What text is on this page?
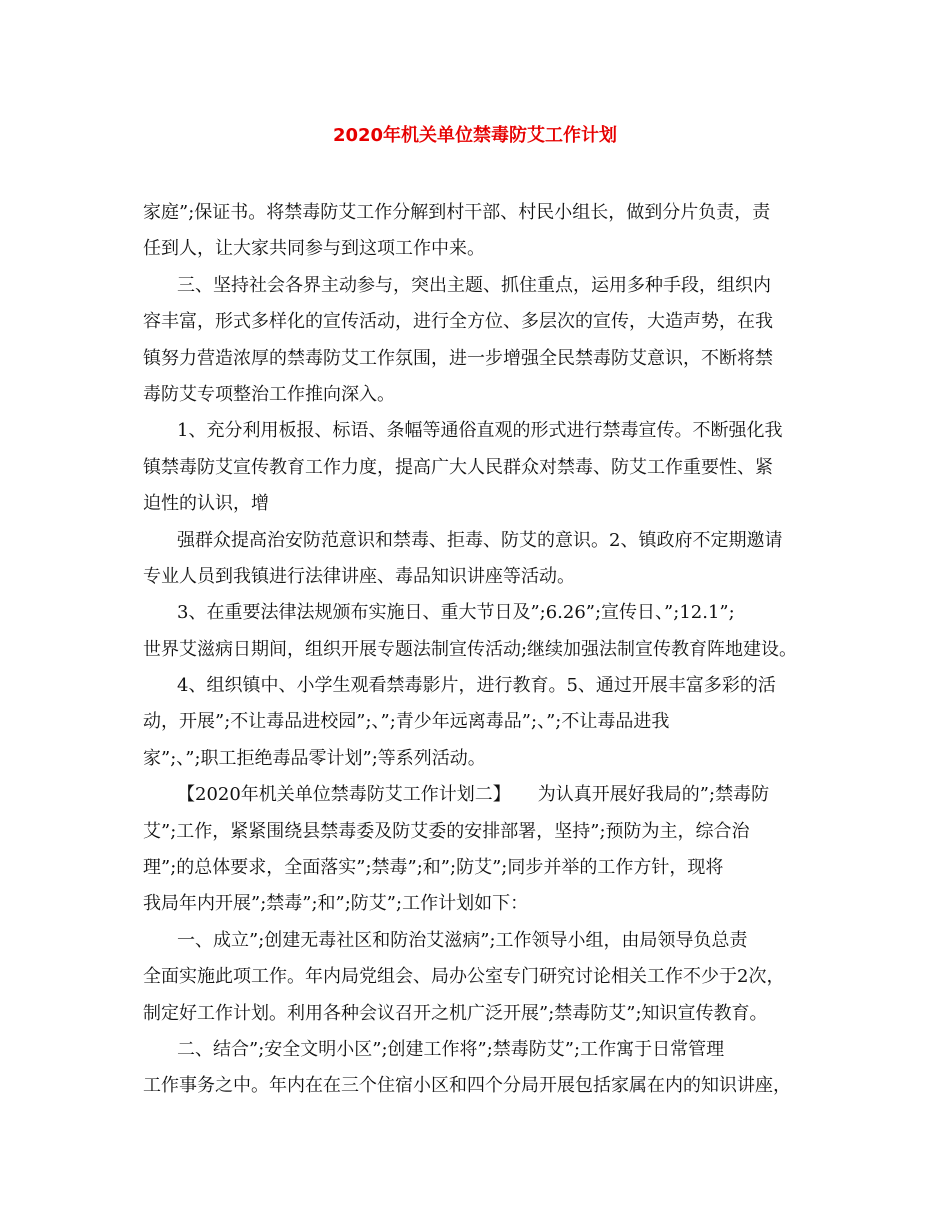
2020年机关单位禁毒防艾工作计划
家庭”;保证书。将禁毒防艾工作分解到村干部、村民小组长，做到分片负责，责
任到人，让大家共同参与到这项工作中来。
三、坚持社会各界主动参与，突出主题、抓住重点，运用多种手段，组织内
容丰富，形式多样化的宣传活动，进行全方位、多层次的宣传，大造声势，在我
镇努力营造浓厚的禁毒防艾工作氛围，进一步增强全民禁毒防艾意识，不断将禁
毒防艾专项整治工作推向深入。
1、充分利用板报、标语、条幅等通俗直观的形式进行禁毒宣传。不断强化我
镇禁毒防艾宣传教育工作力度，提高广大人民群众对禁毒、防艾工作重要性、紧
迫性的认识，增
强群众提高治安防范意识和禁毒、拒毒、防艾的意识。2、镇政府不定期邀请
专业人员到我镇进行法律讲座、毒品知识讲座等活动。
3、在重要法律法规颁布实施日、重大节日及”;6.26”;宣传日、”;12.1”;
世界艾滋病日期间，组织开展专题法制宣传活动;继续加强法制宣传教育阵地建设。
4、组织镇中、小学生观看禁毒影片，进行教育。5、通过开展丰富多彩的活
动，开展”;不让毒品进校园”;、”;青少年远离毒品”;、”;不让毒品进我
家”;、”;职工拒绝毒品零计划”;等系列活动。
【2020年机关单位禁毒防艾工作计划二】　　为认真开展好我局的”;禁毒防
艾”;工作，紧紧围绕县禁毒委及防艾委的安排部署，坚持”;预防为主，综合治
理”;的总体要求，全面落实”;禁毒”;和”;防艾”;同步并举的工作方针，现将
我局年内开展”;禁毒”;和”;防艾”;工作计划如下：
一、成立”;创建无毒社区和防治艾滋病”;工作领导小组，由局领导负总责
全面实施此项工作。年内局党组会、局办公室专门研究讨论相关工作不少于2次，
制定好工作计划。利用各种会议召开之机广泛开展”;禁毒防艾”;知识宣传教育。
二、结合”;安全文明小区”;创建工作将”;禁毒防艾”;工作寓于日常管理
工作事务之中。年内在在三个住宿小区和四个分局开展包括家属在内的知识讲座，
